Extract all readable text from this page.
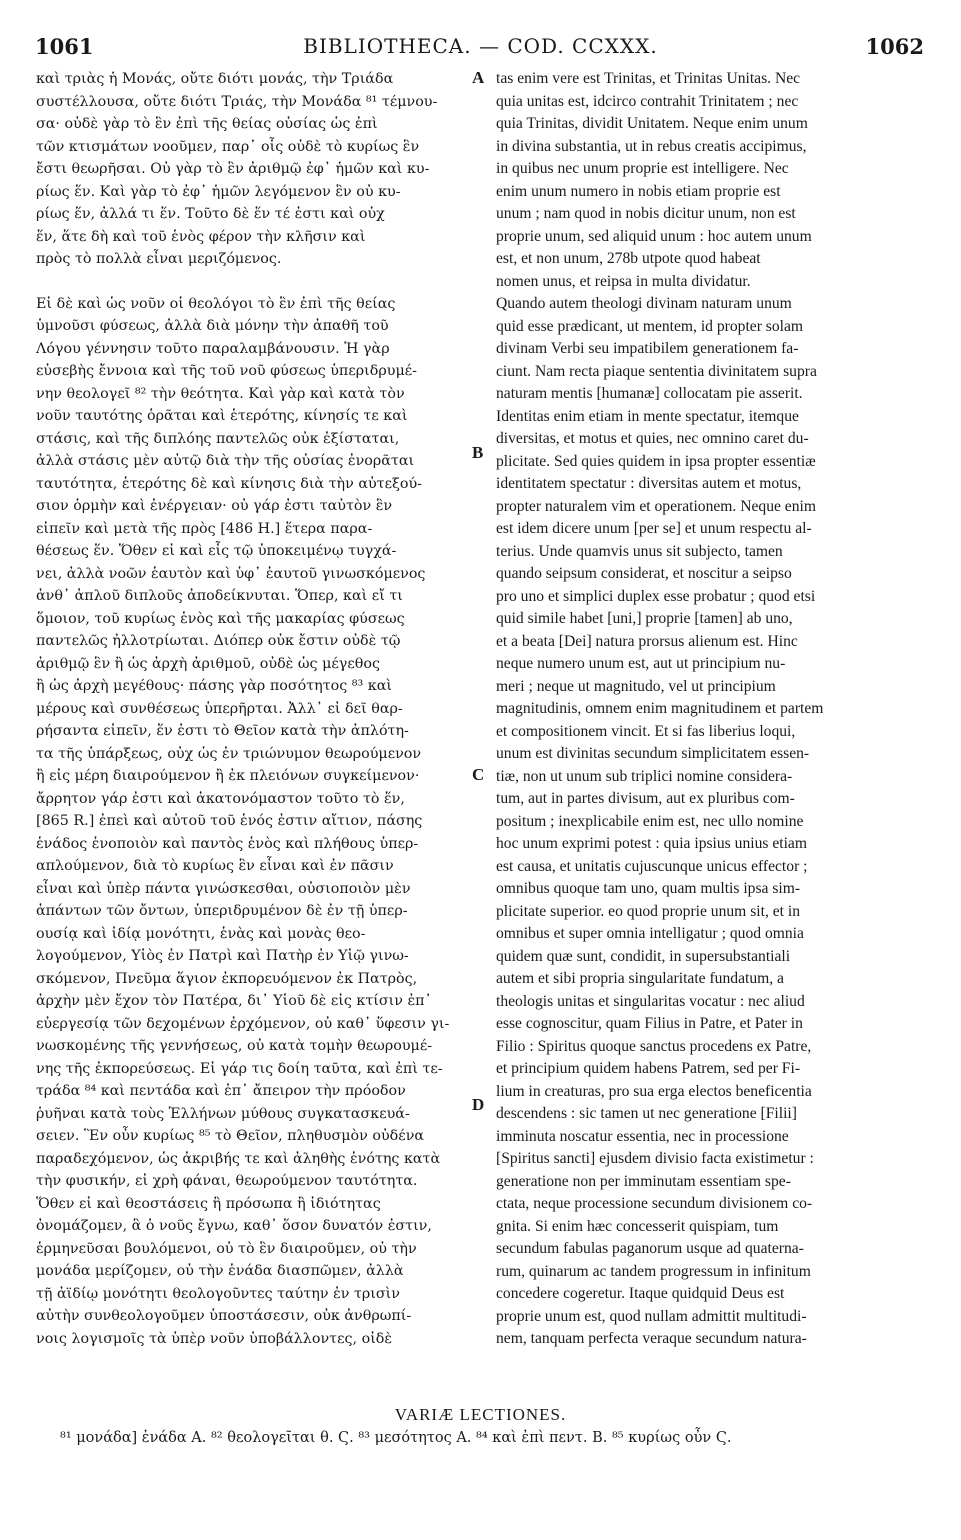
1061	BIBLIOTHECA. — COD. CCXXX.	1062
καὶ τριὰς ἡ Μονάς, οὔτε διότι μονάς, τὴν Τριάδα
συστέλλουσα, οὔτε διότι Τριάς, τὴν Μονάδα ⁸¹ τέμνου-
σα· οὐδὲ γὰρ τὸ ἓν ἐπὶ τῆς θείας οὐσίας ὡς ἐπὶ
τῶν κτισμάτων νοοῦμεν, παρ᾽ οἷς οὐδὲ τὸ κυρίως ἓν
ἔστι θεωρῆσαι. Οὐ γὰρ τὸ ἓν ἀριθμῷ ἐφ᾽ ἡμῶν καὶ κυ-
ρίως ἕν. Καὶ γὰρ τὸ ἐφ᾽ ἡμῶν λεγόμενον ἓν οὐ κυ-
ρίως ἕν, ἀλλά τι ἕν. Τοῦτο δὲ ἕν τέ ἐστι καὶ οὐχ
ἕν, ἅτε δὴ καὶ τοῦ ἑνὸς φέρον τὴν κλῆσιν καὶ
πρὸς τὸ πολλὰ εἶναι μεριζόμενος.

Εἰ δὲ καὶ ὡς νοῦν οἱ θεολόγοι τὸ ἓν ἐπὶ τῆς θείας
ὑμνοῦσι φύσεως, ἀλλὰ διὰ μόνην τὴν ἀπαθῆ τοῦ
Λόγου γέννησιν τοῦτο παραλαμβάνουσιν. Ἡ γὰρ
εὐσεβὴς ἔννοια καὶ τῆς τοῦ νοῦ φύσεως ὑπεριδρυμέ-
νην θεολογεῖ ⁸² τὴν θεότητα. Καὶ γὰρ καὶ κατὰ τὸν
νοῦν ταυτότης ὁρᾶται καὶ ἑτερότης, κίνησίς τε καὶ
στάσις, καὶ τῆς διπλόης παντελῶς οὐκ ἐξίσταται,
ἀλλὰ στάσις μὲν αὐτῷ διὰ τὴν τῆς οὐσίας ἐνορᾶται
ταυτότητα, ἑτερότης δὲ καὶ κίνησις διὰ τὴν αὐτεξού-
σιον ὁρμὴν καὶ ἐνέργειαν· οὐ γάρ ἐστι ταὐτὸν ἓν
εἰπεῖν καὶ μετὰ τῆς πρὸς [486 H.] ἕτερα παρα-
θέσεως ἕν. Ὅθεν εἰ καὶ εἷς τῷ ὑποκειμένῳ τυγχά-
νει, ἀλλὰ νοῶν ἑαυτὸν καὶ ὑφ᾽ ἑαυτοῦ γινωσκόμενος
ἀνθ᾽ ἁπλοῦ διπλοῦς ἀποδείκνυται. Ὅπερ, καὶ εἴ τι
ὅμοιον, τοῦ κυρίως ἑνὸς καὶ τῆς μακαρίας φύσεως
παντελῶς ἠλλοτρίωται. Διόπερ οὐκ ἔστιν οὐδὲ τῷ
ἀριθμῷ ἓν ἢ ὡς ἀρχὴ ἀριθμοῦ, οὐδὲ ὡς μέγεθος
ἢ ὡς ἀρχὴ μεγέθους· πάσης γὰρ ποσότητος ⁸³ καὶ
μέρους καὶ συνθέσεως ὑπερῆρται. Ἀλλ᾽ εἰ δεῖ θαρ-
ρήσαντα εἰπεῖν, ἕν ἐστι τὸ Θεῖον κατὰ τὴν ἁπλότη-
τα τῆς ὑπάρξεως, οὐχ ὡς ἐν τριώνυμον θεωρούμενον
ἢ εἰς μέρη διαιρούμενον ἢ ἐκ πλειόνων συγκείμενον·
ἄρρητον γάρ ἐστι καὶ ἀκατονόμαστον τοῦτο τὸ ἕν,
[865 R.] ἐπεὶ καὶ αὐτοῦ τοῦ ἑνός ἐστιν αἴτιον, πάσης
ἑνάδος ἑνοποιὸν καὶ παντὸς ἑνὸς καὶ πλήθους ὑπερ-
απλούμενον, διὰ τὸ κυρίως ἓν εἶναι καὶ ἐν πᾶσιν
εἶναι καὶ ὑπὲρ πάντα γινώσκεσθαι, οὐσιοποιὸν μὲν
ἁπάντων τῶν ὄντων, ὑπεριδρυμένον δὲ ἐν τῇ ὑπερ-
ουσίᾳ καὶ ἰδίᾳ μονότητι, ἑνὰς καὶ μονὰς θεο-
λογούμενον, Υἱὸς ἐν Πατρὶ καὶ Πατὴρ ἐν Υἱῷ γινω-
σκόμενον, Πνεῦμα ἅγιον ἐκπορευόμενον ἐκ Πατρὸς,
ἀρχὴν μὲν ἔχον τὸν Πατέρα, δι᾽ Υἱοῦ δὲ εἰς κτίσιν ἐπ᾽
εὐεργεσίᾳ τῶν δεχομένων ἐρχόμενον, οὐ καθ᾽ ὕφεσιν γι-
νωσκομένης τῆς γεννήσεως, οὐ κατὰ τομὴν θεωρουμέ-
νης τῆς ἐκπορεύσεως. Εἰ γάρ τις δοίη ταῦτα, καὶ ἐπὶ τε-
τράδα ⁸⁴ καὶ πεντάδα καὶ ἐπ᾽ ἄπειρον τὴν πρόοδον
ῥυῆναι κατὰ τοὺς Ἑλλήνων μύθους συγκατασκευά-
σειεν. Ἓν οὖν κυρίως ⁸⁵ τὸ Θεῖον, πληθυσμὸν οὐδένα
παραδεχόμενον, ὡς ἀκριβής τε καὶ ἀληθὴς ἑνότης κατὰ
τὴν φυσικήν, εἰ χρὴ φάναι, θεωρούμενον ταυτότητα.
Ὅθεν εἰ καὶ θεοστάσεις ἢ πρόσωπα ἢ ἰδιότητας
ὀνομάζομεν, ἃ ὁ νοῦς ἔγνω, καθ᾽ ὅσον δυνατόν ἐστιν,
ἑρμηνεῦσαι βουλόμενοι, οὐ τὸ ἓν διαιροῦμεν, οὐ τὴν
μονάδα μερίζομεν, οὐ τὴν ἑνάδα διασπῶμεν, ἀλλὰ
τῇ ἀϊδίῳ μονότητι θεολογοῦντες ταύτην ἐν τρισὶν
αὐτὴν συνθεολογοῦμεν ὑποστάσεσιν, οὐκ ἀνθρωπί-
νοις λογισμοῖς τὰ ὑπὲρ νοῦν ὑποβάλλοντες, οἱδὲ
tas enim vere est Trinitas, et Trinitas Unitas. Nec
quia unitas est, idcirco contrahit Trinitatem ; nec
quia Trinitas, dividit Unitatem. Neque enim unum
in divina substantia, ut in rebus creatis accipimus,
in quibus nec unum proprie est intelligere. Nec
enim unum numero in nobis etiam proprie est
unum ; nam quod in nobis dicitur unum, non est
proprie unum, sed aliquid unum : hoc autem unum
est, et non unum, 278b utpote quod habeat
nomen unus, et reipsa in multa dividatur.
Quando autem theologi divinam naturam unum
quid esse prædicant, ut mentem, id propter solam
divinam Verbi seu impatibilem generationem fa-
ciunt. Nam recta piaque sententia divinitatem supra
naturam mentis [humanæ] collocatam pie asserit.
Identitas enim etiam in mente spectatur, itemque
diversitas, et motus et quies, nec omnino caret du-
plicitate. Sed quies quidem in ipsa propter essentiæ
identitatem spectatur : diversitas autem et motus,
propter naturalem vim et operationem. Neque enim
est idem dicere unum [per se] et unum respectu al-
terius. Unde quamvis unus sit subjecto, tamen
quando seipsum considerat, et noscitur a seipso
pro uno et simplici duplex esse probatur ; quod etsi
quid simile habet [uni,] proprie [tamen] ab uno,
et a beata [Dei] natura prorsus alienum est. Hinc
neque numero unum est, aut ut principium nu-
meri ; neque ut magnitudo, vel ut principium
magnitudinis, omnem enim magnitudinem et partem
et compositionem vincit. Et si fas liberius loqui,
unum est divinitas secundum simplicitatem essen-
tiæ, non ut unum sub triplici nomine considera-
tum, aut in partes divisum, aut ex pluribus com-
positum ; inexplicabile enim est, nec ullo nomine
hoc unum exprimi potest : quia ipsius unius etiam
est causa, et unitatis cujuscunque unicus effector ;
omnibus quoque tam uno, quam multis ipsa sim-
plicitate superior. eo quod proprie unum sit, et in
omnibus et super omnia intelligatur ; quod omnia
quidem quæ sunt, condidit, in supersubstantiali
autem et sibi propria singularitate fundatum, a
theologis unitas et singularitas vocatur : nec aliud
esse cognoscitur, quam Filius in Patre, et Pater in
Filio : Spiritus quoque sanctus procedens ex Patre,
et principium quidem habens Patrem, sed per Fi-
lium in creaturas, pro sua erga electos beneficentia
descendens : sic tamen ut nec generatione [Filii]
imminuta noscatur essentia, nec in processione
[Spiritus sancti] ejusdem divisio facta existimetur :
generatione non per imminutam essentiam spe-
ctata, neque processione secundum divisionem co-
gnita. Si enim hæc concesserit quispiam, tum
secundum fabulas paganorum usque ad quaterna-
rum, quinarum ac tandem progressum in infinitum
concedere cogeretur. Itaque quidquid Deus est
proprie unum est, quod nullam admittit multitudi-
nem, tanquam perfecta veraque secundum natura-
A
B
C
D
VARIÆ LECTIONES.
⁸¹ μονάδα] ἑνάδα A. ⁸² θεολογεῖται θ. Ϛ. ⁸³ μεσότητος A. ⁸⁴ καὶ ἐπὶ πεντ. B. ⁸⁵ κυρίως οὖν Ϛ.
